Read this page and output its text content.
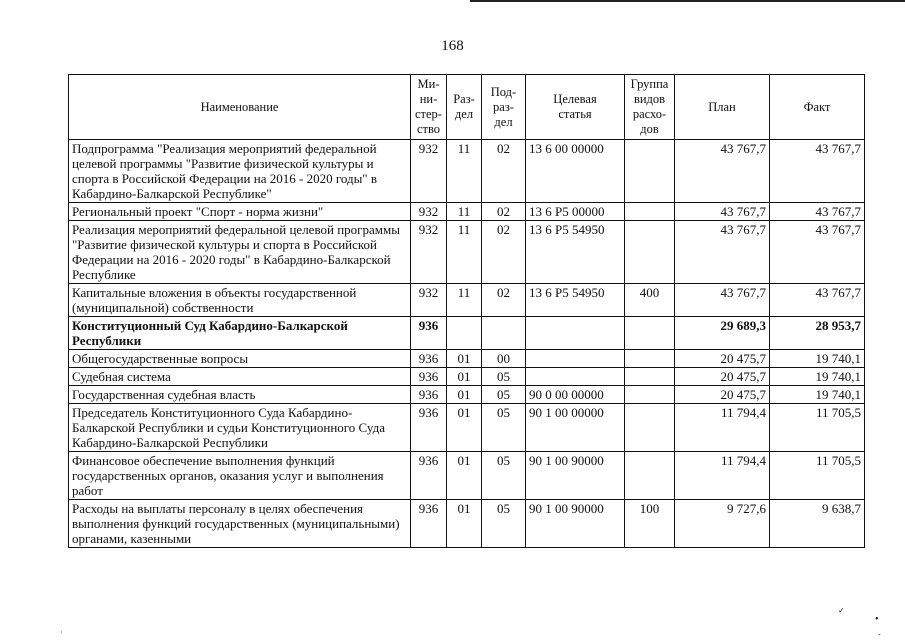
168
Наименование	Ми-
ни-
стер-
ство	Раз-
дел	Под-
раз-
дел	Целевая
статья	Группа
видов
расхо-
дов	План	Факт
Подпрограмма "Реализация мероприятий федеральной целевой программы "Развитие физической культуры и спорта в Российской Федерации на 2016 - 2020 годы" в Кабардино-Балкарской Республике"	932	11	02	13 6 00 00000		43 767,7	43 767,7
Региональный проект "Спорт - норма жизни"	932	11	02	13 6 P5 00000		43 767,7	43 767,7
Реализация мероприятий федеральной целевой программы "Развитие физической культуры и спорта в Российской Федерации на 2016 - 2020 годы" в Кабардино-Балкарской Республике	932	11	02	13 6 P5 54950		43 767,7	43 767,7
Капитальные вложения в объекты государственной (муниципальной) собственности	932	11	02	13 6 P5 54950	400	43 767,7	43 767,7
Конституционный Суд Кабардино-Балкарской Республики	936					29 689,3	28 953,7
Общегосударственные вопросы	936	01	00			20 475,7	19 740,1
Судебная система	936	01	05			20 475,7	19 740,1
Государственная судебная власть	936	01	05	90 0 00 00000		20 475,7	19 740,1
Председатель Конституционного Суда Кабардино-Балкарской Республики и судьи Конституционного Суда Кабардино-Балкарской Республики	936	01	05	90 1 00 00000		11 794,4	11 705,5
Финансовое обеспечение выполнения функций государственных органов, оказания услуг и выполнения работ	936	01	05	90 1 00 90000		11 794,4	11 705,5
Расходы на выплаты персоналу в целях обеспечения выполнения функций государственных (муниципальными) органами, казенными	936	01	05	90 1 00 90000	100	9 727,6	9 638,7
✓
•
-
·
